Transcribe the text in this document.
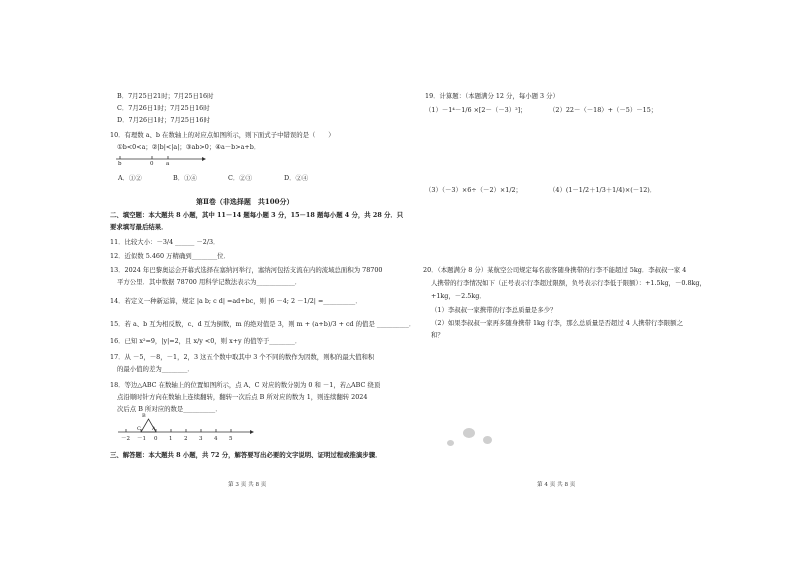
B．7月25日21时；7月25日16时
C．7月26日1时；7月25日16时
D．7月26日1时；7月25日16时
10．有理数 a、b 在数轴上的对应点如图所示，则下面式子中错误的是（　　）
①b<0<a；②|b|<|a|；③ab>0；④a－b>a+b．
b	0 a
A．①②	B．①④	C．②③	D．②④
第Ⅱ卷（非选择题　共100分）
二、填空题：本大题共 8 小题，其中 11－14 题每小题 3 分，15－18 题每小题 4 分，共 28 分．只
要求填写最后结果．
11．比较大小：－3/4 ______ －2/3．
12．近似数 5.460 万精确到________位．
13．2024 年巴黎奥运会开幕式选择在塞纳河举行，塞纳河包括支流在内的流域总面积为 78700
平方公里．其中数据 78700 用科学记数法表示为____________．
14．若定义一种新运算，规定 |a b; c d| =ad+bc，则 |6 －4; 2 －1/2| =__________．
15．若 a、b 互为相反数，c、d 互为倒数，m 的绝对值是 3，则 m + (a+b)/3 + cd 的值是 __________．
16．已知 x²=9，|y|=2，且 x/y <0，则 x+y 的值等于________．
17．从 －5，－8，－1，2，3 这五个数中取其中 3 个不同的数作为因数，则积的最大值和积
的最小值的差为________．
18．等边△ABC 在数轴上的位置如图所示，点 A、C 对应的数分别为 0 和 －1，若△ABC 绕顶
点沿顺时针方向在数轴上连续翻转，翻转一次后点 B 所对应的数为 1，则连续翻转 2024
次后点 B 所对应的数是__________．
B
C A
－2 －1 0 1 2 3 4 5
三、解答题：本大题共 8 小题，共 72 分，解答要写出必要的文字说明、证明过程或推演步骤．
第 3 页 共 8 页
19．计算题：（本题满分 12 分，每小题 3 分）
（1）－1⁴－1/6 ×[2－（－3）²]；	（2）22－（－18）+（－5）－15；
（3）（－3）×6÷（－2）×1/2；	（4）(1－1/2＋1/3＋1/4)×(－12)．
20．（本题满分 8 分）某航空公司规定每名旅客随身携带的行李不能超过 5kg．李叔叔一家 4
人携带的行李情况如下（正号表示行李超过限额，负号表示行李低于限额）：+1.5kg，－0.8kg，
+1kg，－2.5kg．
（1）李叔叔一家携带的行李总质量是多少？
（2）如果李叔叔一家再多随身携带 1kg 行李，那么总质量是否超过 4 人携带行李限额之
和？
第 4 页 共 8 页
